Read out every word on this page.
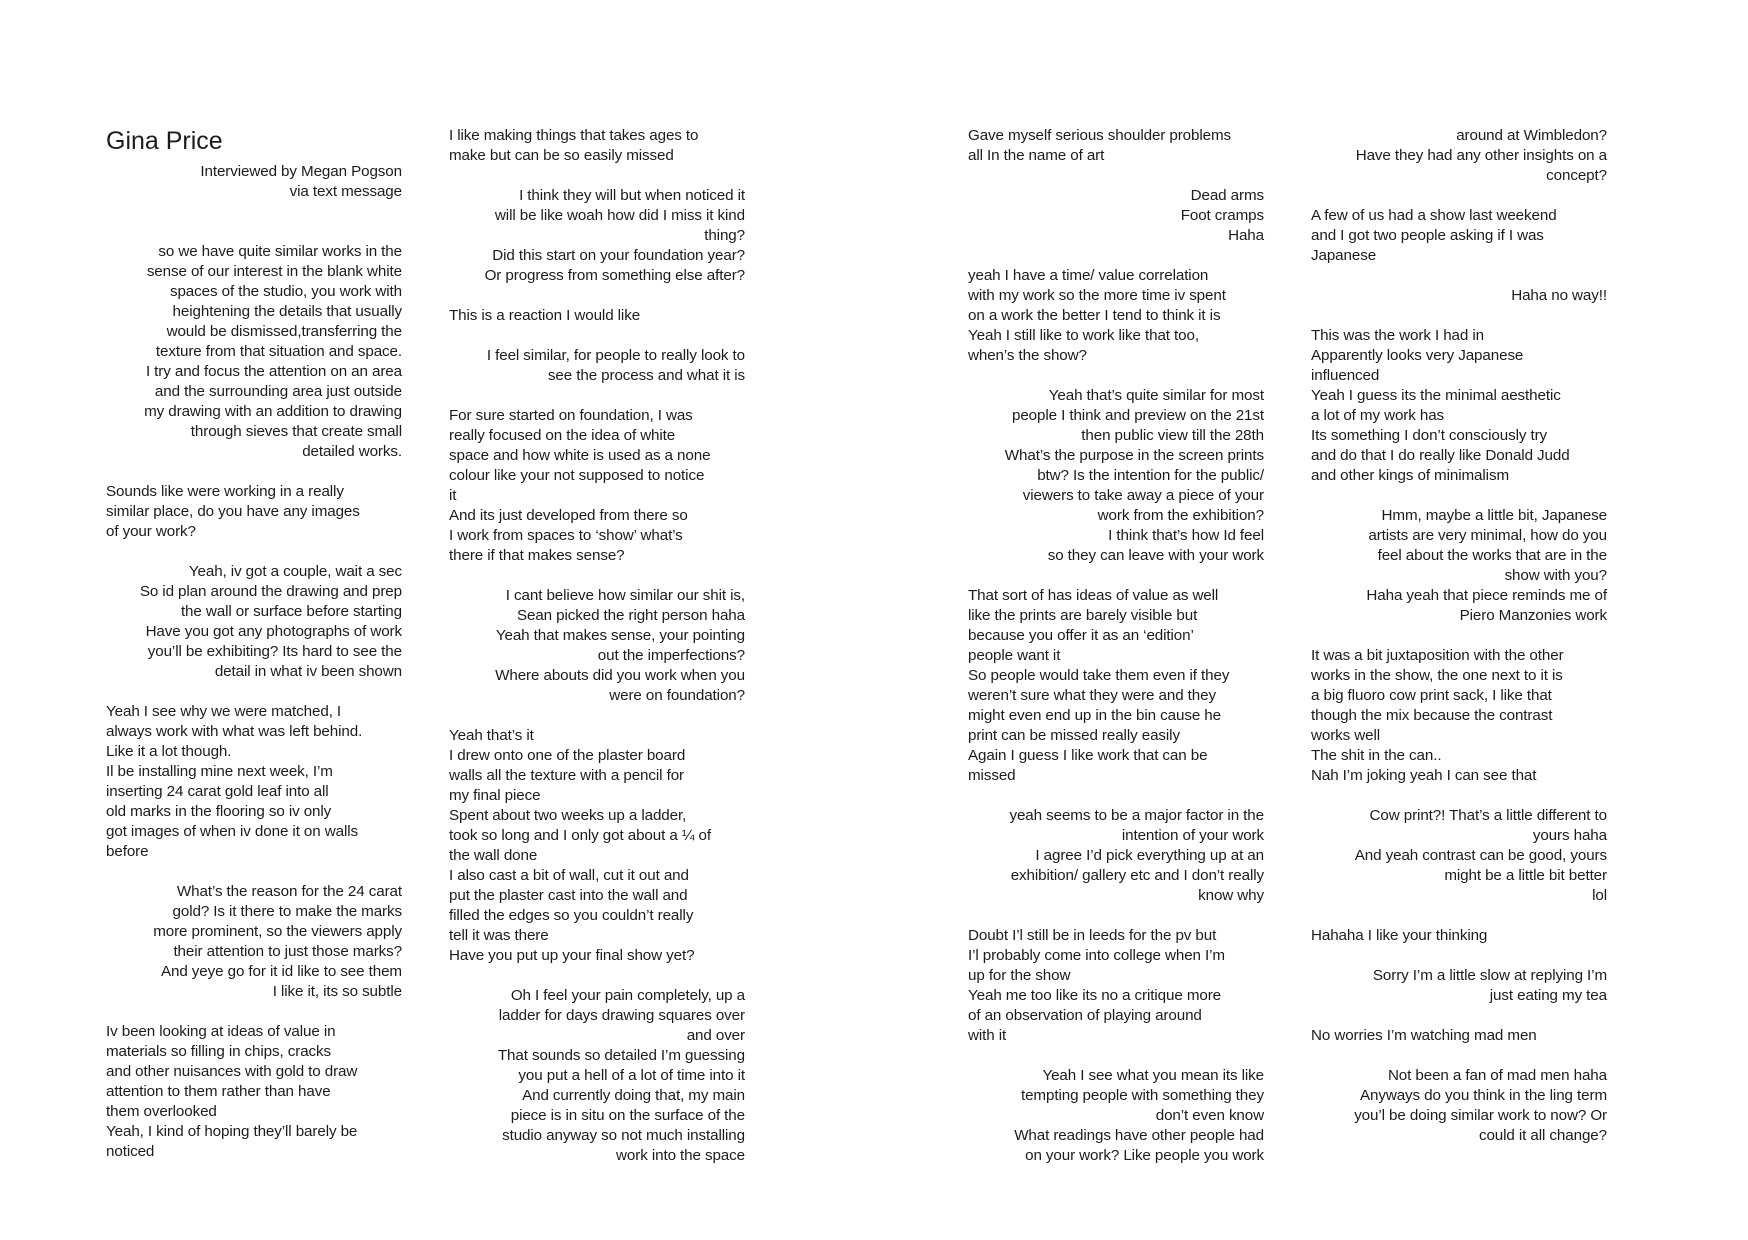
Gina Price

Interviewed by Megan Pogson
via text message

so we have quite similar works in the
sense of our interest in the blank white
spaces of the studio, you work with
heightening the details that usually
would be dismissed,transferring the
texture from that situation and space.
I try and focus the attention on an area
and the surrounding area just outside
my drawing with an addition to drawing
through sieves that create small
detailed works.

Sounds like were working in a really
similar place, do you have any images
of your work?

Yeah, iv got a couple, wait a sec
So id plan around the drawing and prep
the wall or surface before starting
Have you got any photographs of work
you’ll be exhibiting? Its hard to see the
detail in what iv been shown

Yeah I see why we were matched, I
always work with what was left behind.
Like it a lot though.
Il be installing mine next week, I’m
inserting 24 carat gold leaf into all
old marks in the flooring so iv only
got images of when iv done it on walls
before

What’s the reason for the 24 carat
gold? Is it there to make the marks
more prominent, so the viewers apply
their attention to just those marks?
And yeye go for it id like to see them
I like it, its so subtle

Iv been looking at ideas of value in
materials so filling in chips, cracks
and other nuisances with gold to draw
attention to them rather than have
them overlooked
Yeah, I kind of hoping they’ll barely be
noticed

I like making things that takes ages to
make but can be so easily missed

I think they will but when noticed it
will be like woah how did I miss it kind
thing?
Did this start on your foundation year?
Or progress from something else after?

This is a reaction I would like

I feel similar, for people to really look to
see the process and what it is

For sure started on foundation, I was
really focused on the idea of white
space and how white is used as a none
colour like your not supposed to notice
it
And its just developed from there so
I work from spaces to ‘show’ what’s
there if that makes sense?

I cant believe how similar our shit is,
Sean picked the right person haha
Yeah that makes sense, your pointing
out the imperfections?
Where abouts did you work when you
were on foundation?

Yeah that’s it
I drew onto one of the plaster board
walls all the texture with a pencil for
my final piece
Spent about two weeks up a ladder,
took so long and I only got about a ¼ of
the wall done
I also cast a bit of wall, cut it out and
put the plaster cast into the wall and
filled the edges so you couldn’t really
tell it was there
Have you put up your final show yet?

Oh I feel your pain completely, up a
ladder for days drawing squares over
and over
That sounds so detailed I’m guessing
you put a hell of a lot of time into it
And currently doing that, my main
piece is in situ on the surface of the
studio anyway so not much installing
work into the space

Gave myself serious shoulder problems
all In the name of art

Dead arms
Foot cramps
Haha

yeah I have a time/ value correlation
with my work so the more time iv spent
on a work the better I tend to think it is
Yeah I still like to work like that too,
when’s the show?

Yeah that’s quite similar for most
people I think and preview on the 21st
then public view till the 28th
What’s the purpose in the screen prints
btw? Is the intention for the public/
viewers to take away a piece of your
work from the exhibition?
I think that’s how Id feel
so they can leave with your work

That sort of has ideas of value as well
like the prints are barely visible but
because you offer it as an ‘edition’
people want it
So people would take them even if they
weren’t sure what they were and they
might even end up in the bin cause he
print can be missed really easily
Again I guess I like work that can be
missed

yeah seems to be a major factor in the
intention of your work
I agree I’d pick everything up at an
exhibition/ gallery etc and I don’t really
know why

Doubt I’l still be in leeds for the pv but
I’l probably come into college when I’m
up for the show
Yeah me too like its no a critique more
of an observation of playing around
with it

Yeah I see what you mean its like
tempting people with something they
don’t even know
What readings have other people had
on your work? Like people you work

around at Wimbledon?
Have they had any other insights on a
concept?

A few of us had a show last weekend
and I got two people asking if I was
Japanese

Haha no way!!

This was the work I had in
Apparently looks very Japanese
influenced
Yeah I guess its the minimal aesthetic
a lot of my work has
Its something I don’t consciously try
and do that I do really like Donald Judd
and other kings of minimalism

Hmm, maybe a little bit, Japanese
artists are very minimal, how do you
feel about the works that are in the
show with you?
Haha yeah that piece reminds me of
Piero Manzonies work

It was a bit juxtaposition with the other
works in the show, the one next to it is
a big fluoro cow print sack, I like that
though the mix because the contrast
works well
The shit in the can..
Nah I’m joking yeah I can see that

Cow print?! That’s a little different to
yours haha
And yeah contrast can be good, yours
might be a little bit better
lol

Hahaha I like your thinking

Sorry I’m a little slow at replying I’m
just eating my tea

No worries I’m watching mad men

Not been a fan of mad men haha
Anyways do you think in the ling term
you’l be doing similar work to now? Or
could it all change?
